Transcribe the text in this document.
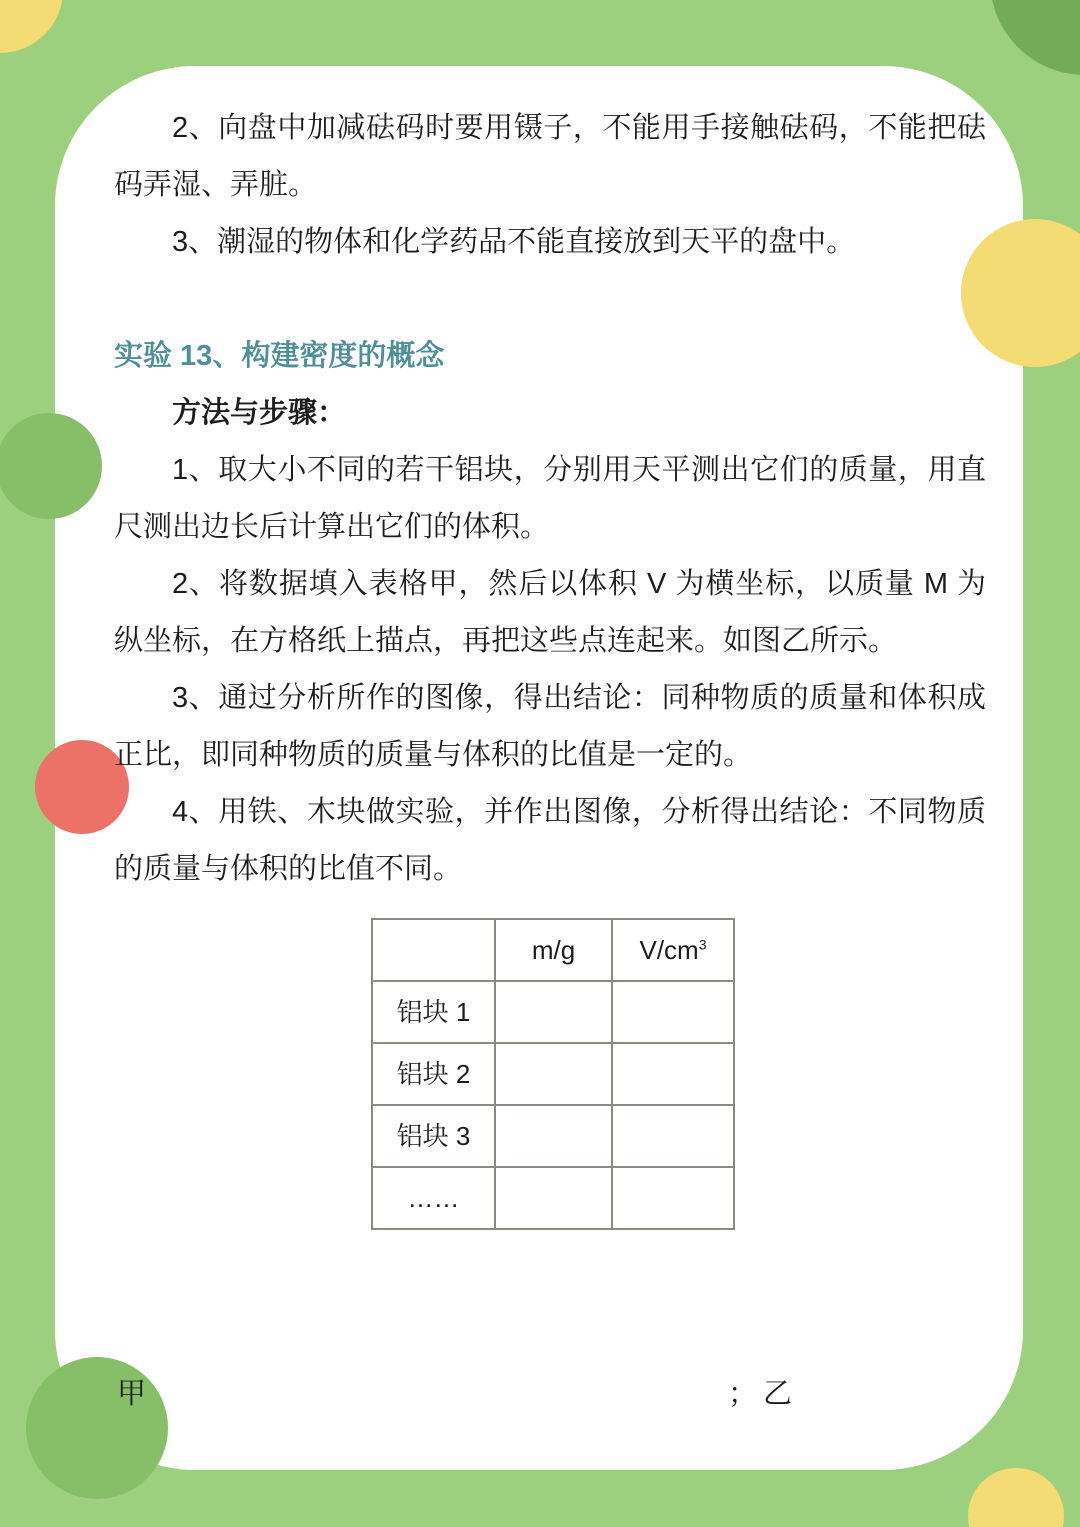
2、向盘中加减砝码时要用镊子，不能用手接触砝码，不能把砝码弄湿、弄脏。

3、潮湿的物体和化学药品不能直接放到天平的盘中。

实验 13、构建密度的概念

方法与步骤：

1、取大小不同的若干铝块，分别用天平测出它们的质量，用直尺测出边长后计算出它们的体积。

2、将数据填入表格甲，然后以体积 V 为横坐标，以质量 M 为纵坐标，在方格纸上描点，再把这些点连起来。如图乙所示。

3、通过分析所作的图像，得出结论：同种物质的质量和体积成正比，即同种物质的质量与体积的比值是一定的。

4、用铁、木块做实验，并作出图像，分析得出结论：不同物质的质量与体积的比值不同。

	m/g	$V/cm^3$
铝块 1		
铝块 2		
铝块 3		
……		
甲	； 乙
